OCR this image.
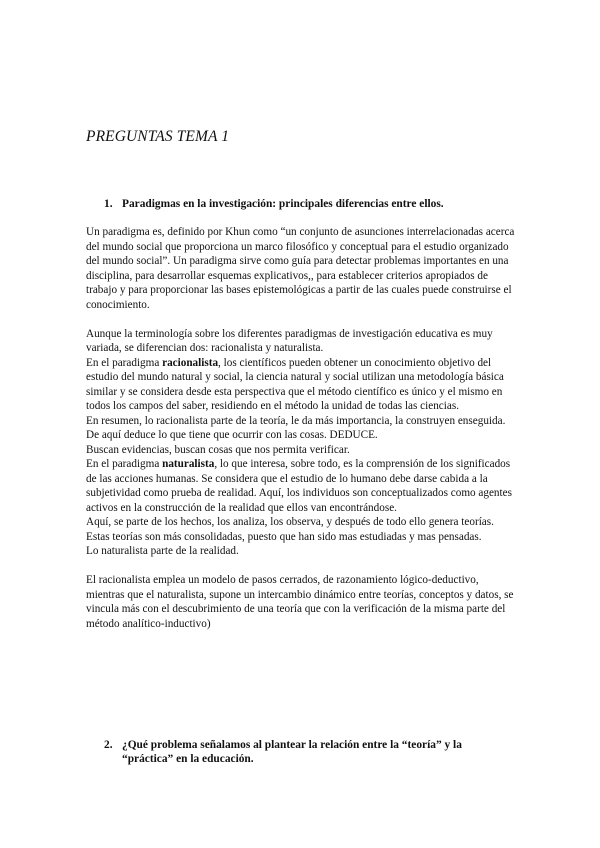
PREGUNTAS TEMA 1
1. Paradigmas en la investigación: principales diferencias entre ellos.

Un paradigma es, definido por Khun como “un conjunto de asunciones interrelacionadas acerca del mundo social que proporciona un marco filosófico y conceptual para el estudio organizado del mundo social”. Un paradigma sirve como guía para detectar problemas importantes en una disciplina, para desarrollar esquemas explicativos,, para establecer criterios apropiados de trabajo y para proporcionar las bases epistemológicas a partir de las cuales puede construirse el conocimiento.

Aunque la terminología sobre los diferentes paradigmas de investigación educativa es muy variada, se diferencian dos: racionalista y naturalista.

En el paradigma racionalista, los científicos pueden obtener un conocimiento objetivo del estudio del mundo natural y social, la ciencia natural y social utilizan una metodología básica similar y se considera desde esta perspectiva que el método científico es único y el mismo en todos los campos del saber, residiendo en el método la unidad de todas las ciencias.

En resumen, lo racionalista parte de la teoría, le da más importancia, la construyen enseguida. De aquí deduce lo que tiene que ocurrir con las cosas. DEDUCE.

Buscan evidencias, buscan cosas que nos permita verificar.

En el paradigma naturalista, lo que interesa, sobre todo, es la comprensión de los significados de las acciones humanas. Se considera que el estudio de lo humano debe darse cabida a la subjetividad como prueba de realidad. Aquí, los individuos son conceptualizados como agentes activos en la construcción de la realidad que ellos van encontrándose.

Aquí, se parte de los hechos, los analiza, los observa, y después de todo ello genera teorías. Estas teorías son más consolidadas, puesto que han sido mas estudiadas y mas pensadas.

Lo naturalista parte de la realidad.

El racionalista emplea un modelo de pasos cerrados, de razonamiento lógico-deductivo, mientras que el naturalista, supone un intercambio dinámico entre teorías, conceptos y datos, se vincula más con el descubrimiento de una teoría que con la verificación de la misma parte del método analítico-inductivo)

2. ¿Qué problema señalamos al plantear la relación entre la “teoría” y la “práctica” en la educación.
